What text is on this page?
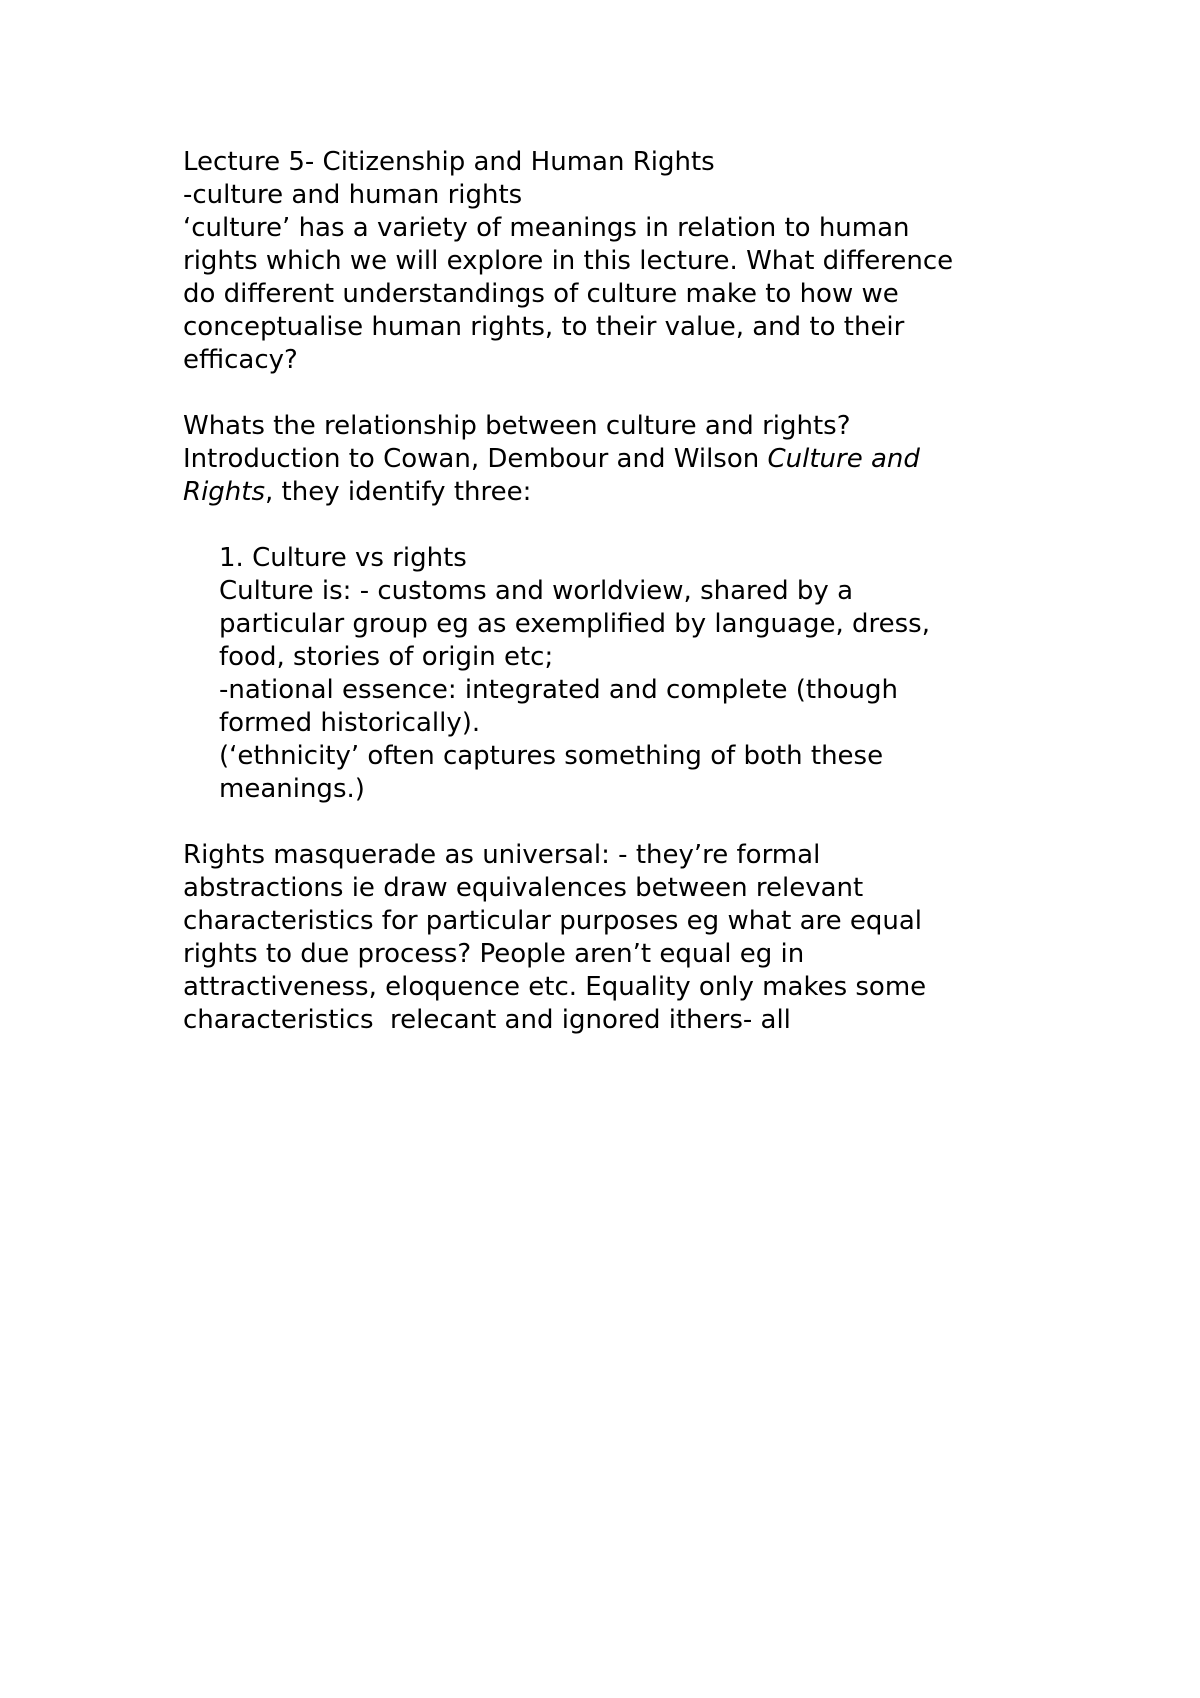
Lecture 5- Citizenship and Human Rights

-culture and human rights

‘culture’ has a variety of meanings in relation to human

rights which we will explore in this lecture. What difference

do different understandings of culture make to how we

conceptualise human rights, to their value, and to their

efficacy?

Whats the relationship between culture and rights?

Introduction to Cowan, Dembour and Wilson Culture and

Rights, they identify three:

1. Culture vs rights

Culture is: - customs and worldview, shared by a

particular group eg as exemplified by language, dress,

food, stories of origin etc;

-national essence: integrated and complete (though

formed historically).

(‘ethnicity’ often captures something of both these

meanings.)

Rights masquerade as universal: - they’re formal

abstractions ie draw equivalences between relevant

characteristics for particular purposes eg what are equal

rights to due process? People aren’t equal eg in

attractiveness, eloquence etc. Equality only makes some

characteristics  relecant and ignored ithers- all
